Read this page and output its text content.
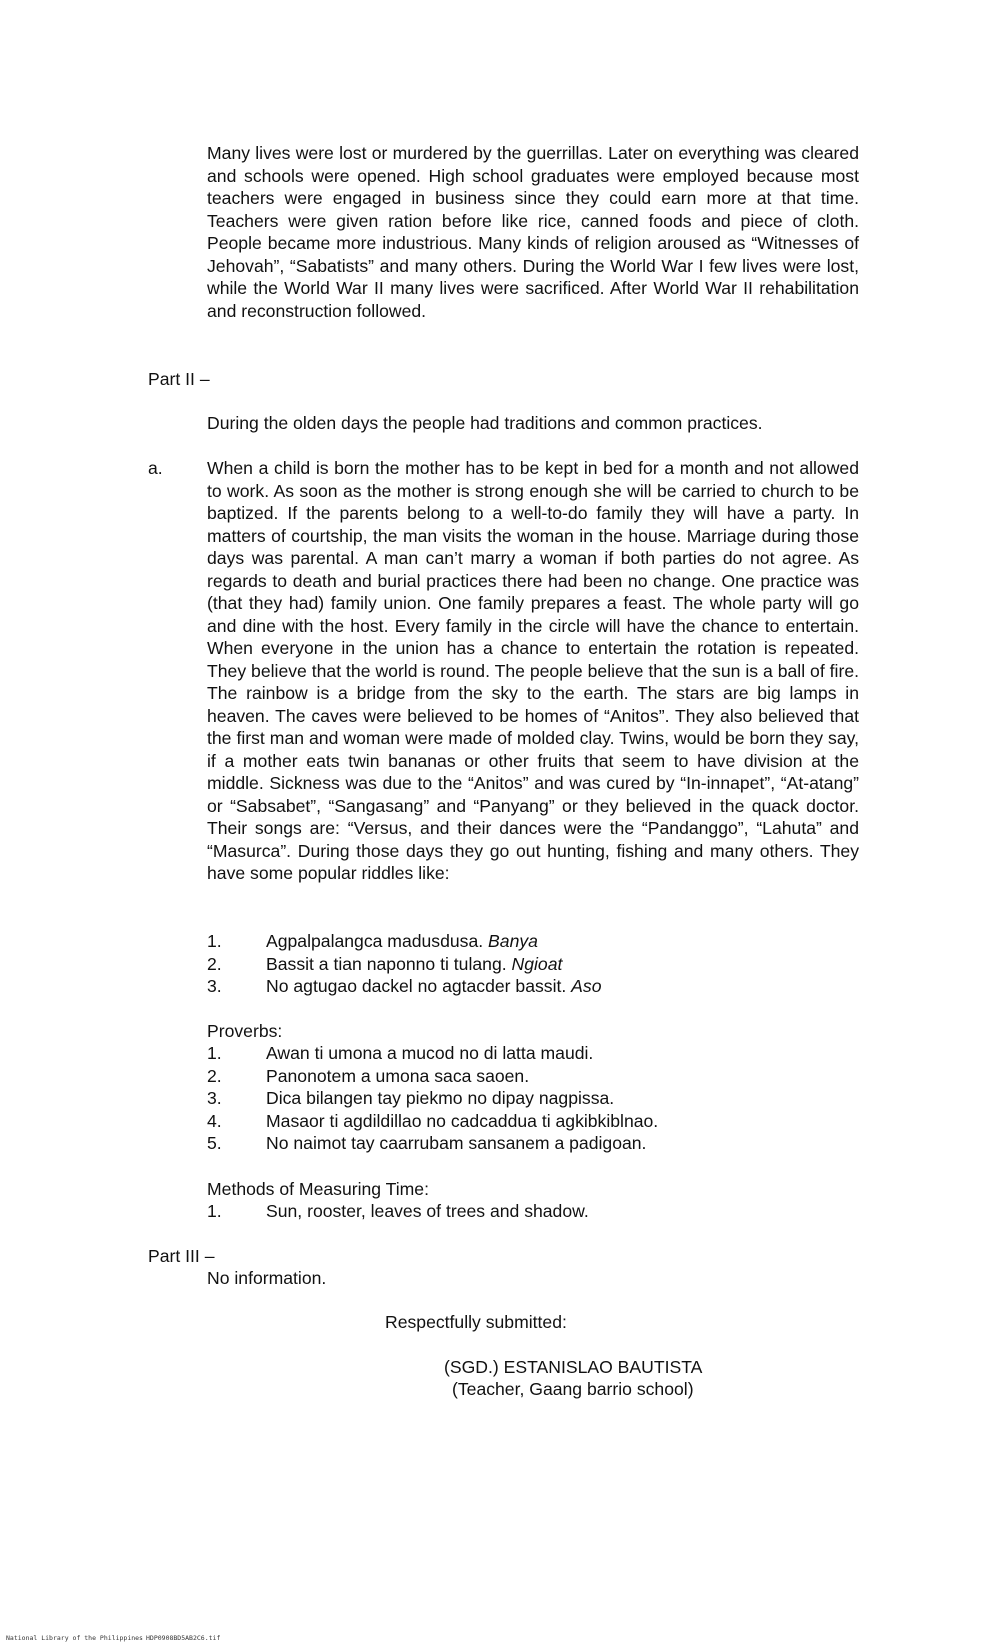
Many lives were lost or murdered by the guerrillas. Later on everything was cleared and schools were opened. High school graduates were employed because most teachers were engaged in business since they could earn more at that time. Teachers were given ration before like rice, canned foods and piece of cloth. People became more industrious. Many kinds of religion aroused as “Witnesses of Jehovah”, “Sabatists” and many others. During the World War I few lives were lost, while the World War II many lives were sacrificed. After World War II rehabilitation and reconstruction followed.

Part II –

During the olden days the people had traditions and common practices.

a.	When a child is born the mother has to be kept in bed for a month and not allowed to work. As soon as the mother is strong enough she will be carried to church to be baptized. If the parents belong to a well-to-do family they will have a party. In matters of courtship, the man visits the woman in the house. Marriage during those days was parental. A man can’t marry a woman if both parties do not agree. As regards to death and burial practices there had been no change. One practice was (that they had) family union. One family prepares a feast. The whole party will go and dine with the host. Every family in the circle will have the chance to entertain. When everyone in the union has a chance to entertain the rotation is repeated. They believe that the world is round. The people believe that the sun is a ball of fire. The rainbow is a bridge from the sky to the earth. The stars are big lamps in heaven. The caves were believed to be homes of “Anitos”. They also believed that the first man and woman were made of molded clay. Twins, would be born they say, if a mother eats twin bananas or other fruits that seem to have division at the middle. Sickness was due to the “Anitos” and was cured by “In-innapet”, “At-atang” or “Sabsabet”, “Sangasang” and “Panyang” or they believed in the quack doctor. Their songs are: “Versus, and their dances were the “Pandanggo”, “Lahuta” and “Masurca”. During those days they go out hunting, fishing and many others. They have some popular riddles like:

1.	Agpalpalangca madusdusa. Banya
2.	Bassit a tian naponno ti tulang. Ngioat
3.	No agtugao dackel no agtacder bassit. Aso

Proverbs:

1.	Awan ti umona a mucod no di latta maudi.
2.	Panonotem a umona saca saoen.
3.	Dica bilangen tay piekmo no dipay nagpissa.
4.	Masaor ti agdildillao no cadcaddua ti agkibkiblnao.
5.	No naimot tay caarrubam sansanem a padigoan.

Methods of Measuring Time:

1.	Sun, rooster, leaves of trees and shadow.

Part III –

No information.

Respectfully submitted:

(SGD.) ESTANISLAO BAUTISTA

(Teacher, Gaang barrio school)

National Library of the Philippines HDP0908BD5AB2C6.tif
